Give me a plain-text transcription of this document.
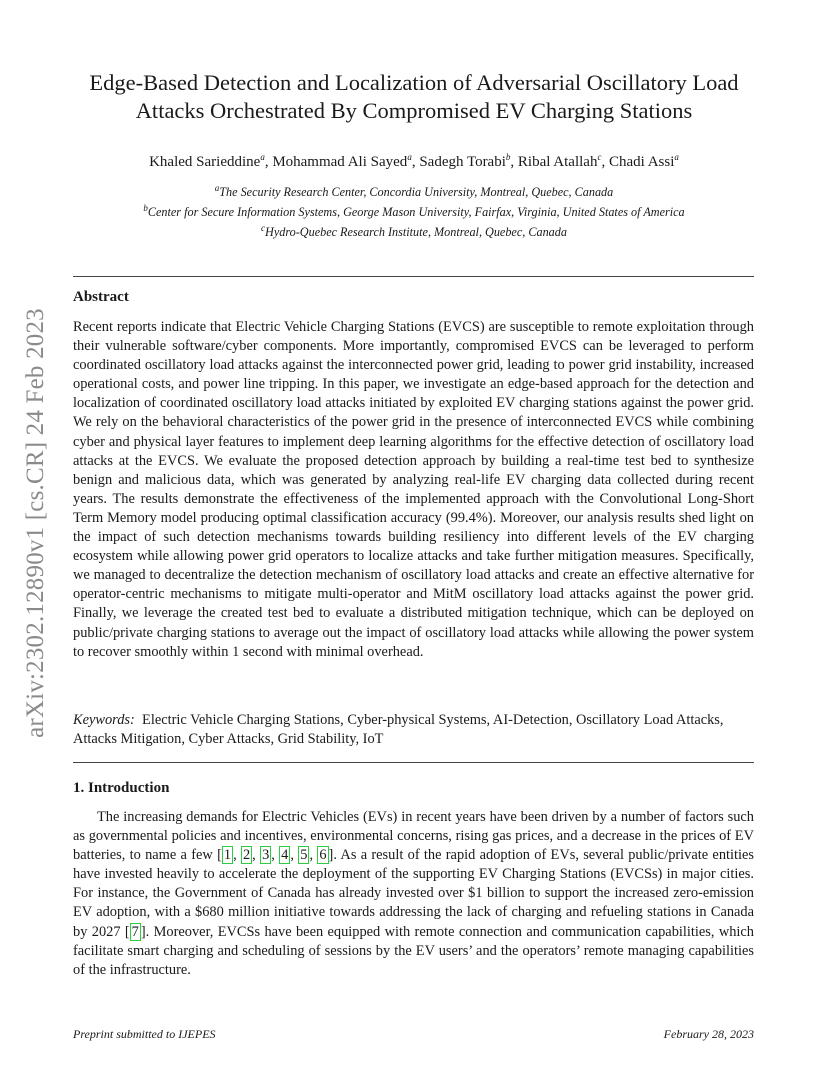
arXiv:2302.12890v1 [cs.CR] 24 Feb 2023
Edge-Based Detection and Localization of Adversarial Oscillatory Load Attacks Orchestrated By Compromised EV Charging Stations
Khaled Sarieddine$^a$, Mohammad Ali Sayed$^a$, Sadegh Torabi$^b$, Ribal Atallah$^c$, Chadi Assi$^a$
$^a$The Security Research Center, Concordia University, Montreal, Quebec, Canada
$^b$Center for Secure Information Systems, George Mason University, Fairfax, Virginia, United States of America
$^c$Hydro-Quebec Research Institute, Montreal, Quebec, Canada
Abstract

Recent reports indicate that Electric Vehicle Charging Stations (EVCS) are susceptible to remote exploitation through their vulnerable software/cyber components. More importantly, compromised EVCS can be leveraged to perform coordinated oscillatory load attacks against the interconnected power grid, leading to power grid instability, increased operational costs, and power line tripping. In this paper, we investigate an edge-based approach for the detection and localization of coordinated oscillatory load attacks initiated by exploited EV charging stations against the power grid. We rely on the behavioral characteristics of the power grid in the presence of interconnected EVCS while combining cyber and physical layer features to implement deep learning algorithms for the effective detection of oscillatory load attacks at the EVCS. We evaluate the proposed detection approach by building a real-time test bed to synthesize benign and malicious data, which was generated by analyzing real-life EV charging data collected during recent years. The results demonstrate the effectiveness of the implemented approach with the Convolutional Long-Short Term Memory model producing optimal classification accuracy (99.4%). Moreover, our analysis results shed light on the impact of such detection mechanisms towards building resiliency into different levels of the EV charging ecosystem while allowing power grid operators to localize attacks and take further mitigation measures. Specifically, we managed to decentralize the detection mechanism of oscillatory load attacks and create an effective alternative for operator-centric mechanisms to mitigate multi-operator and MitM oscillatory load attacks against the power grid. Finally, we leverage the created test bed to evaluate a distributed mitigation technique, which can be deployed on public/private charging stations to average out the impact of oscillatory load attacks while allowing the power system to recover smoothly within 1 second with minimal overhead.

Keywords: Electric Vehicle Charging Stations, Cyber-physical Systems, AI-Detection, Oscillatory Load Attacks, Attacks Mitigation, Cyber Attacks, Grid Stability, IoT

1. Introduction

The increasing demands for Electric Vehicles (EVs) in recent years have been driven by a number of factors such as governmental policies and incentives, environmental concerns, rising gas prices, and a decrease in the prices of EV batteries, to name a few [ 1 , 2 , 3 , 4 , 5 , 6 ]. As a result of the rapid adoption of EVs, several public/private entities have invested heavily to accelerate the deployment of the supporting EV Charging Stations (EVCSs) in major cities. For instance, the Government of Canada has already invested over $1 billion to support the increased zero-emission EV adoption, with a $680 million initiative towards addressing the lack of charging and refueling stations in Canada by 2027 [ 7 ]. Moreover, EVCSs have been equipped with remote connection and communication capabilities, which facilitate smart charging and scheduling of sessions by the EV users’ and the operators’ remote managing capabilities of the infrastructure.

Preprint submitted to IJEPES	February 28, 2023
